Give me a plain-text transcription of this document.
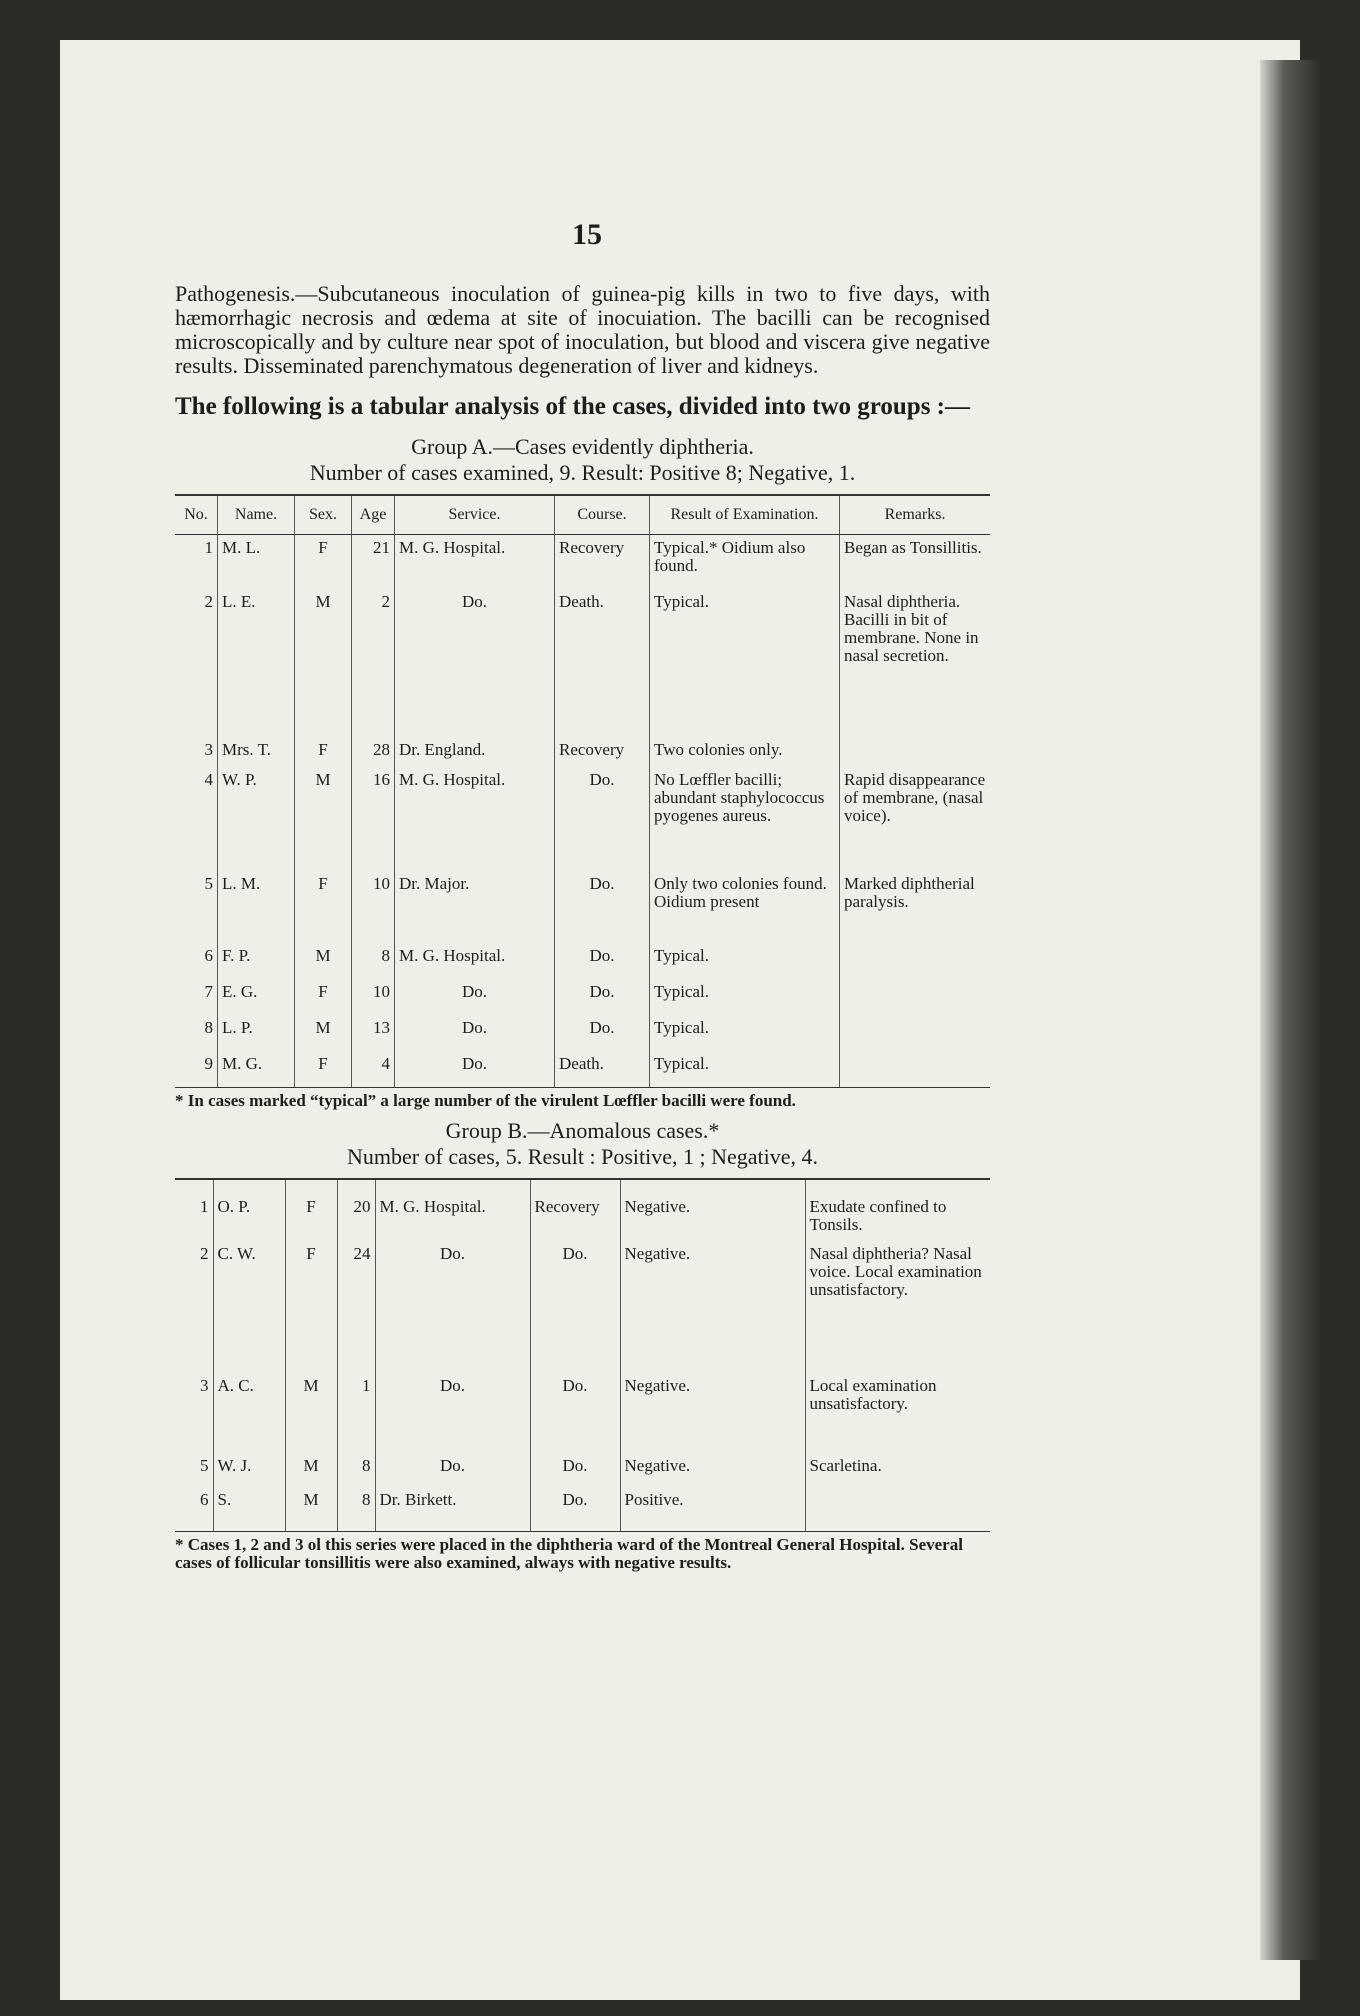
15

Pathogenesis.—Subcutaneous inoculation of guinea-pig kills in two to five days, with hæmorrhagic necrosis and œdema at site of inocuiation. The bacilli can be recognised microscopically and by culture near spot of inoculation, but blood and viscera give negative results. Disseminated parenchymatous degeneration of liver and kidneys.

The following is a tabular analysis of the cases, divided into two groups :—

Group A.—Cases evidently diphtheria.
Number of cases examined, 9. Result: Positive 8; Negative, 1.
No.	Name.	Sex.	Age	Service.	Course.	Result of Examination.	Remarks.
1	M. L.	F	21	M. G. Hospital.	Recovery	Typical.* Oidium also found.	Began as Tonsillitis.
2	L. E.	M	2	Do.	Death.	Typical.	Nasal diphtheria. Bacilli in bit of membrane. None in nasal secretion.
3	Mrs. T.	F	28	Dr. England.	Recovery	Two colonies only.	
4	W. P.	M	16	M. G. Hospital.	Do.	No Lœffler bacilli; abundant staphylococcus pyogenes aureus.	Rapid disappearance of membrane, (nasal voice).
5	L. M.	F	10	Dr. Major.	Do.	Only two colonies found. Oidium present	Marked diphtherial paralysis.
6	F. P.	M	8	M. G. Hospital.	Do.	Typical.	
7	E. G.	F	10	Do.	Do.	Typical.	
8	L. P.	M	13	Do.	Do.	Typical.	
9	M. G.	F	4	Do.	Death.	Typical.	

* In cases marked “typical” a large number of the virulent Lœffler bacilli were found.

Group B.—Anomalous cases.*
Number of cases, 5. Result : Positive, 1 ; Negative, 4.
1	O. P.	F	20	M. G. Hospital.	Recovery	Negative.	Exudate confined to Tonsils.
2	C. W.	F	24	Do.	Do.	Negative.	Nasal diphtheria? Nasal voice. Local examination unsatisfactory.
3	A. C.	M	1	Do.	Do.	Negative.	Local examination unsatisfactory.
5	W. J.	M	8	Do.	Do.	Negative.	Scarletina.
6	S.	M	8	Dr. Birkett.	Do.	Positive.	

* Cases 1, 2 and 3 ol this series were placed in the diphtheria ward of the Montreal General Hospital. Several cases of follicular tonsillitis were also examined, always with negative results.
